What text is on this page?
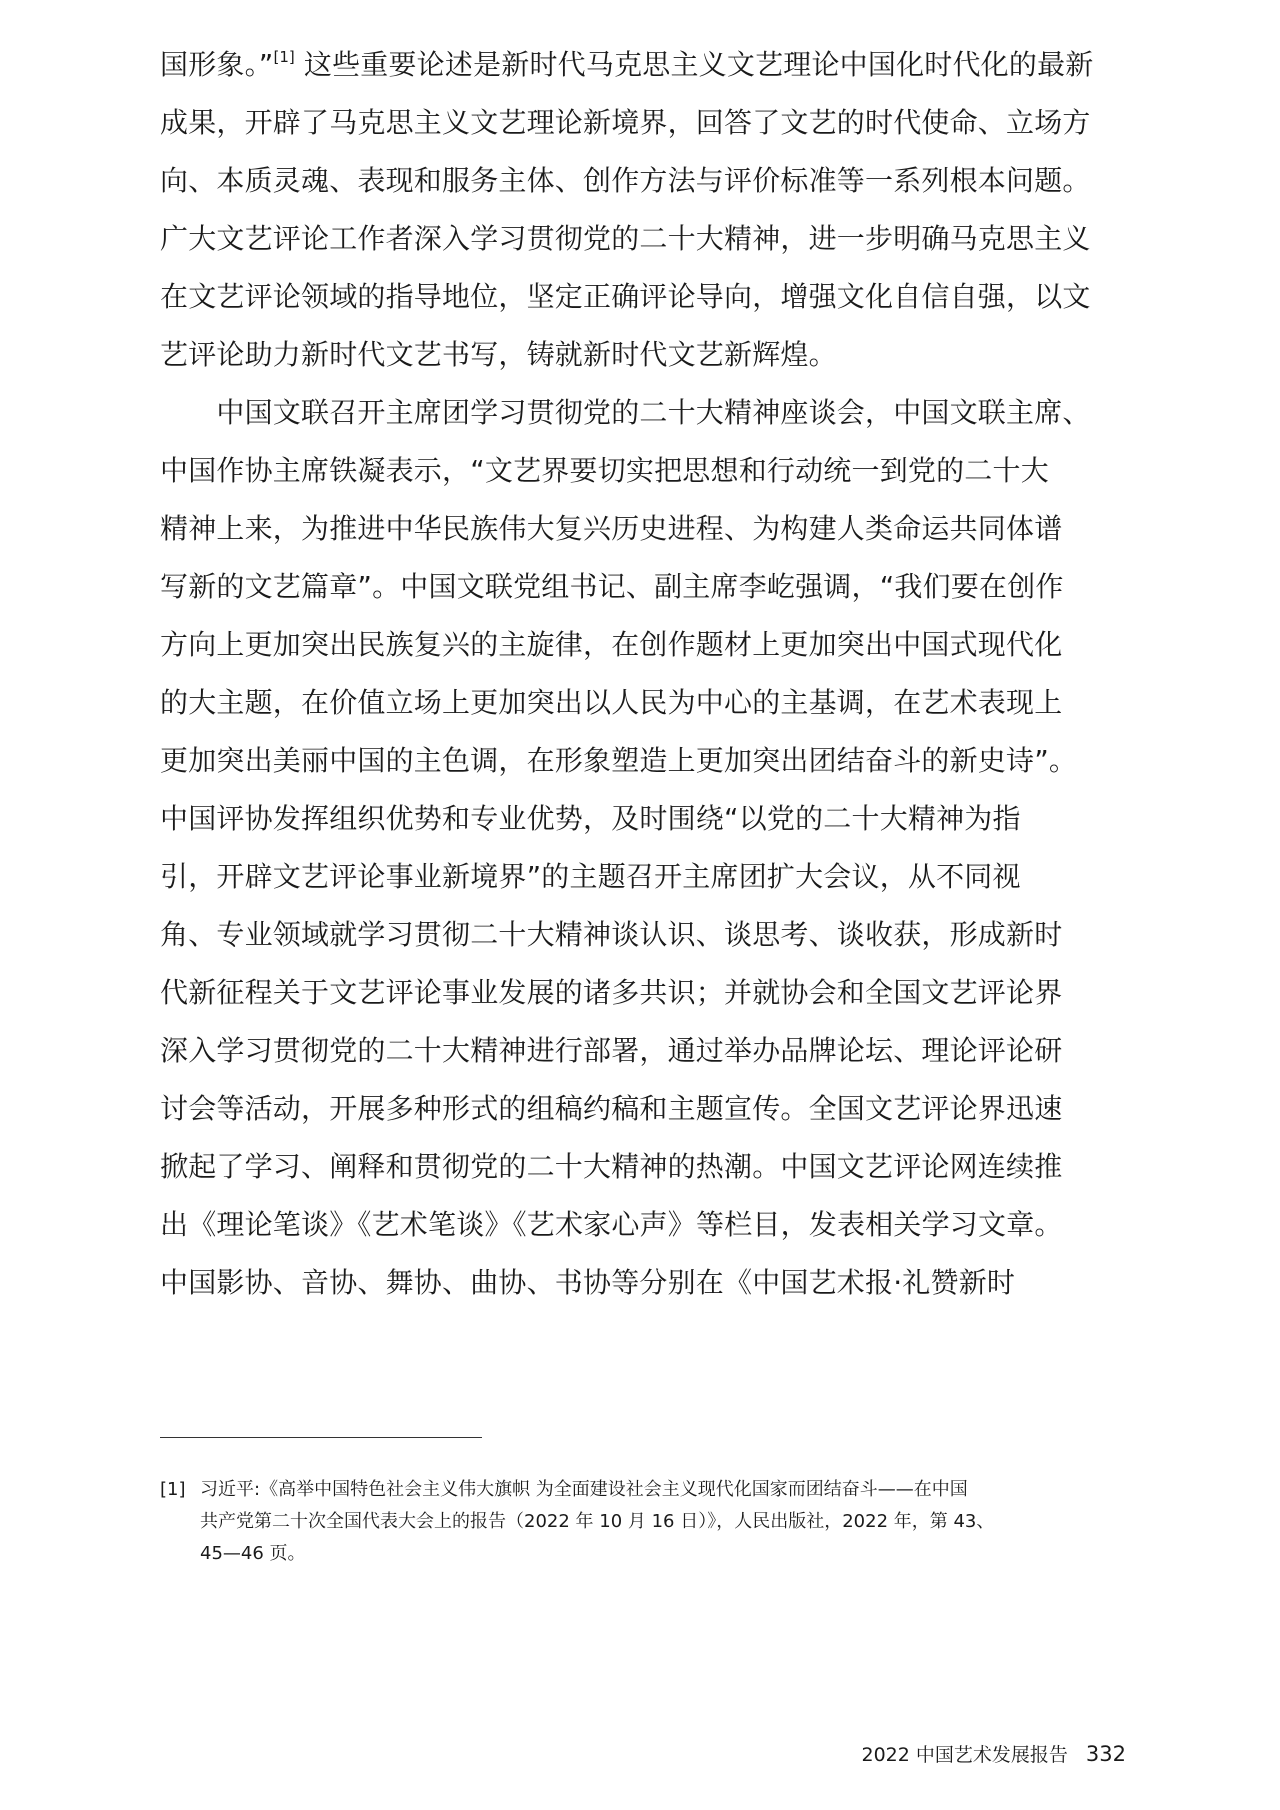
国形象。”[1] 这些重要论述是新时代马克思主义文艺理论中国化时代化的最新
成果，开辟了马克思主义文艺理论新境界，回答了文艺的时代使命、立场方
向、本质灵魂、表现和服务主体、创作方法与评价标准等一系列根本问题。
广大文艺评论工作者深入学习贯彻党的二十大精神，进一步明确马克思主义
在文艺评论领域的指导地位，坚定正确评论导向，增强文化自信自强，以文
艺评论助力新时代文艺书写，铸就新时代文艺新辉煌。
　　中国文联召开主席团学习贯彻党的二十大精神座谈会，中国文联主席、
中国作协主席铁凝表示，“文艺界要切实把思想和行动统一到党的二十大
精神上来，为推进中华民族伟大复兴历史进程、为构建人类命运共同体谱
写新的文艺篇章”。中国文联党组书记、副主席李屹强调，“我们要在创作
方向上更加突出民族复兴的主旋律，在创作题材上更加突出中国式现代化
的大主题，在价值立场上更加突出以人民为中心的主基调，在艺术表现上
更加突出美丽中国的主色调，在形象塑造上更加突出团结奋斗的新史诗”。
中国评协发挥组织优势和专业优势，及时围绕“以党的二十大精神为指
引，开辟文艺评论事业新境界”的主题召开主席团扩大会议，从不同视
角、专业领域就学习贯彻二十大精神谈认识、谈思考、谈收获，形成新时
代新征程关于文艺评论事业发展的诸多共识；并就协会和全国文艺评论界
深入学习贯彻党的二十大精神进行部署，通过举办品牌论坛、理论评论研
讨会等活动，开展多种形式的组稿约稿和主题宣传。全国文艺评论界迅速
掀起了学习、阐释和贯彻党的二十大精神的热潮。中国文艺评论网连续推
出《理论笔谈》《艺术笔谈》《艺术家心声》等栏目，发表相关学习文章。
中国影协、音协、舞协、曲协、书协等分别在《中国艺术报·礼赞新时
[1] 习近平:《高举中国特色社会主义伟大旗帜 为全面建设社会主义现代化国家而团结奋斗——在中国
共产党第二十次全国代表大会上的报告（2022 年 10 月 16 日）》，人民出版社，2022 年，第 43、
45—46 页。
2022 中国艺术发展报告 332
